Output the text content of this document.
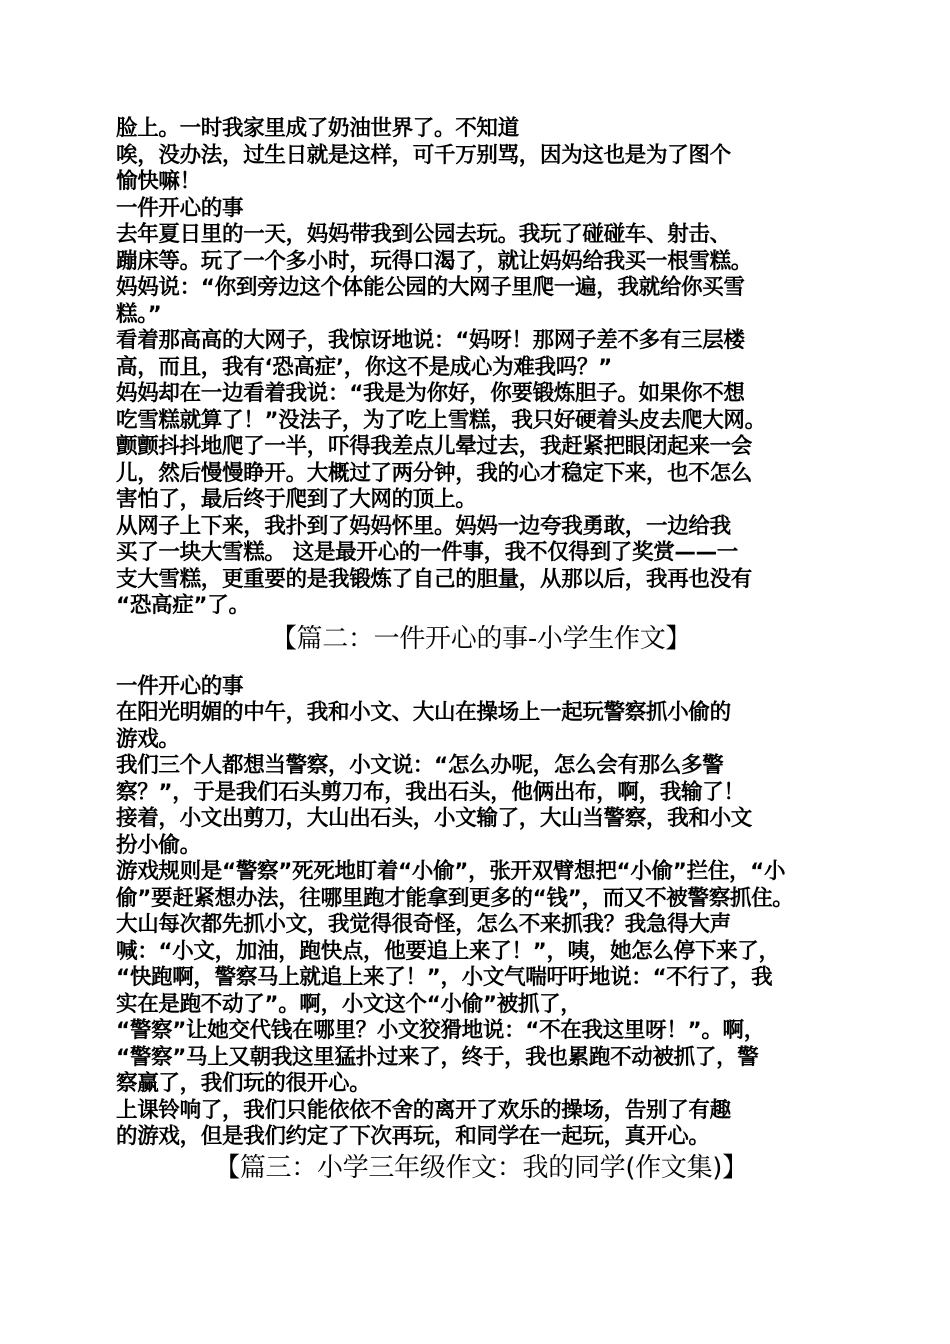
脸上。一时我家里成了奶油世界了。不知道
唉，没办法，过生日就是这样，可千万别骂，因为这也是为了图个
愉快嘛！
一件开心的事
去年夏日里的一天，妈妈带我到公园去玩。我玩了碰碰车、射击、
蹦床等。玩了一个多小时，玩得口渴了，就让妈妈给我买一根雪糕。
妈妈说：“你到旁边这个体能公园的大网子里爬一遍，我就给你买雪
糕。”
看着那高高的大网子，我惊讶地说：“妈呀！那网子差不多有三层楼
高，而且，我有‘恐高症’，你这不是成心为难我吗？”
妈妈却在一边看着我说：“我是为你好，你要锻炼胆子。如果你不想
吃雪糕就算了！”没法子，为了吃上雪糕，我只好硬着头皮去爬大网。
颤颤抖抖地爬了一半，吓得我差点儿晕过去，我赶紧把眼闭起来一会
儿，然后慢慢睁开。大概过了两分钟，我的心才稳定下来，也不怎么
害怕了，最后终于爬到了大网的顶上。
从网子上下来，我扑到了妈妈怀里。妈妈一边夸我勇敢，一边给我
买了一块大雪糕。 这是最开心的一件事，我不仅得到了奖赏——一
支大雪糕，更重要的是我锻炼了自己的胆量，从那以后，我再也没有
“恐高症”了。
【篇二：一件开心的事-小学生作文】
一件开心的事
在阳光明媚的中午，我和小文、大山在操场上一起玩警察抓小偷的
游戏。
我们三个人都想当警察，小文说：“怎么办呢，怎么会有那么多警
察？”，于是我们石头剪刀布，我出石头，他俩出布，啊，我输了！
接着，小文出剪刀，大山出石头，小文输了，大山当警察，我和小文
扮小偷。
游戏规则是“警察”死死地盯着“小偷”，张开双臂想把“小偷”拦住，“小
偷”要赶紧想办法，往哪里跑才能拿到更多的“钱”，而又不被警察抓住。
大山每次都先抓小文，我觉得很奇怪，怎么不来抓我？我急得大声
喊：“小文，加油，跑快点，他要追上来了！”，咦，她怎么停下来了，
“快跑啊，警察马上就追上来了！”，小文气喘吁吁地说：“不行了，我
实在是跑不动了”。啊，小文这个“小偷”被抓了，
“警察”让她交代钱在哪里？小文狡猾地说：“不在我这里呀！”。啊，
“警察”马上又朝我这里猛扑过来了，终于，我也累跑不动被抓了，警
察赢了，我们玩的很开心。
上课铃响了，我们只能依依不舍的离开了欢乐的操场，告别了有趣
的游戏，但是我们约定了下次再玩，和同学在一起玩，真开心。
【篇三：小学三年级作文：我的同学(作文集)】
